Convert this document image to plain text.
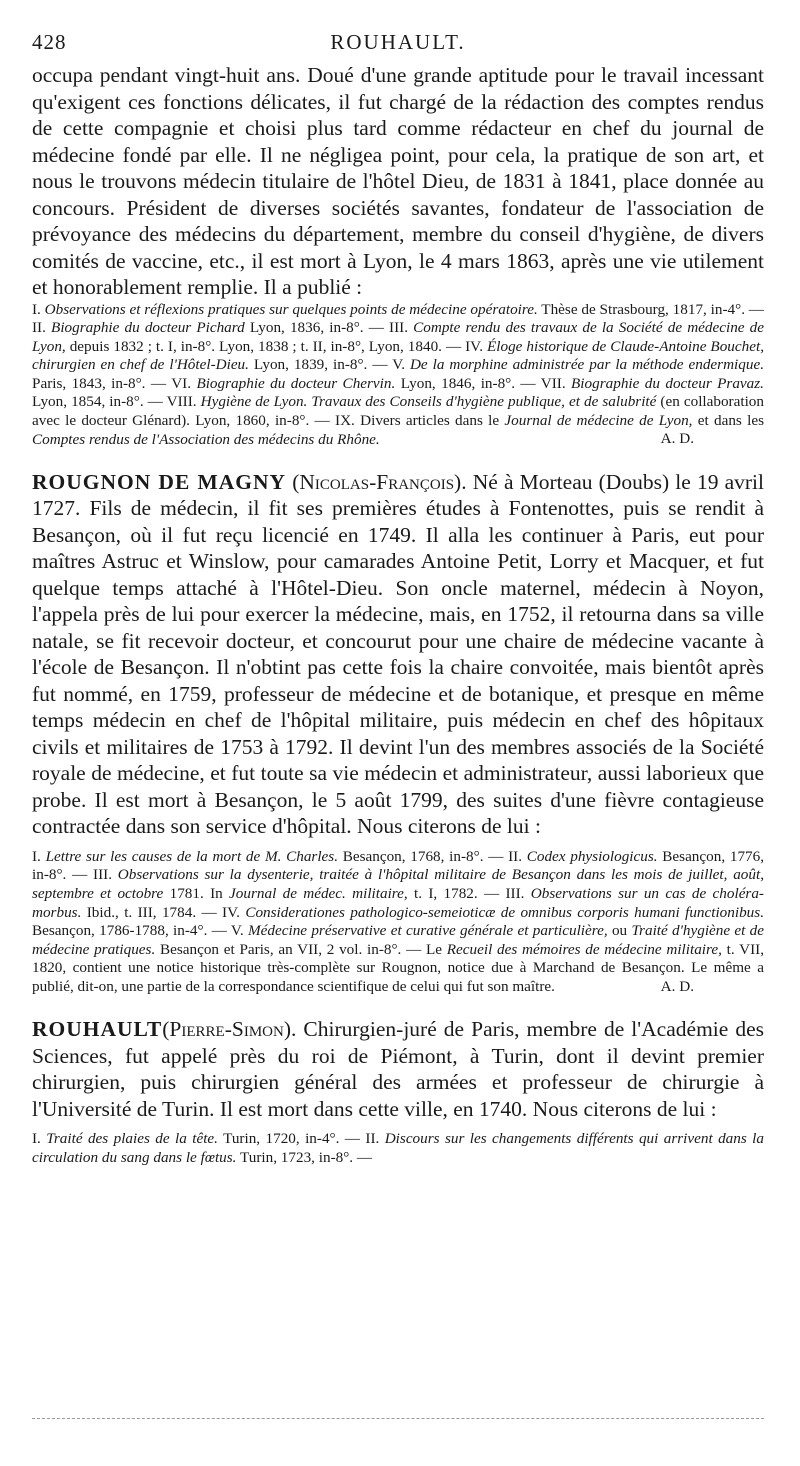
428	ROUHAULT.

occupa pendant vingt-huit ans. Doué d'une grande aptitude pour le travail incessant qu'exigent ces fonctions délicates, il fut chargé de la rédaction des comptes rendus de cette compagnie et choisi plus tard comme rédacteur en chef du journal de médecine fondé par elle. Il ne négligea point, pour cela, la pratique de son art, et nous le trouvons médecin titulaire de l'hôtel Dieu, de 1831 à 1841, place donnée au concours. Président de diverses sociétés savantes, fondateur de l'association de prévoyance des médecins du département, membre du conseil d'hygiène, de divers comités de vaccine, etc., il est mort à Lyon, le 4 mars 1863, après une vie utilement et honorablement remplie. Il a publié :

I. Observations et réflexions pratiques sur quelques points de médecine opératoire. Thèse de Strasbourg, 1817, in-4°. — II. Biographie du docteur Pichard Lyon, 1836, in-8°. — III. Compte rendu des travaux de la Société de médecine de Lyon, depuis 1832 ; t. I, in-8°. Lyon, 1838 ; t. II, in-8°, Lyon, 1840. — IV. Éloge historique de Claude-Antoine Bouchet, chirurgien en chef de l'Hôtel-Dieu. Lyon, 1839, in-8°. — V. De la morphine administrée par la méthode endermique. Paris, 1843, in-8°. — VI. Biographie du docteur Chervin. Lyon, 1846, in-8°. — VII. Biographie du docteur Pravaz. Lyon, 1854, in-8°. — VIII. Hygiène de Lyon. Travaux des Conseils d'hygiène publique, et de salubrité (en collaboration avec le docteur Glénard). Lyon, 1860, in-8°. — IX. Divers articles dans le Journal de médecine de Lyon, et dans les Comptes rendus de l'Association des médecins du Rhône.	A. D.

ROUGNON DE MAGNY (Nicolas-François). Né à Morteau (Doubs) le 19 avril 1727. Fils de médecin, il fit ses premières études à Fontenottes, puis se rendit à Besançon, où il fut reçu licencié en 1749. Il alla les continuer à Paris, eut pour maîtres Astruc et Winslow, pour camarades Antoine Petit, Lorry et Macquer, et fut quelque temps attaché à l'Hôtel-Dieu. Son oncle maternel, médecin à Noyon, l'appela près de lui pour exercer la médecine, mais, en 1752, il retourna dans sa ville natale, se fit recevoir docteur, et concourut pour une chaire de médecine vacante à l'école de Besançon. Il n'obtint pas cette fois la chaire convoitée, mais bientôt après fut nommé, en 1759, professeur de médecine et de botanique, et presque en même temps médecin en chef de l'hôpital militaire, puis médecin en chef des hôpitaux civils et militaires de 1753 à 1792. Il devint l'un des membres associés de la Société royale de médecine, et fut toute sa vie médecin et administrateur, aussi laborieux que probe. Il est mort à Besançon, le 5 août 1799, des suites d'une fièvre contagieuse contractée dans son service d'hôpital. Nous citerons de lui :

I. Lettre sur les causes de la mort de M. Charles. Besançon, 1768, in-8°. — II. Codex physiologicus. Besançon, 1776, in-8°. — III. Observations sur la dysenterie, traitée à l'hôpital militaire de Besançon dans les mois de juillet, août, septembre et octobre 1781. In Journal de médec. militaire, t. I, 1782. — III. Observations sur un cas de choléra-morbus. Ibid., t. III, 1784. — IV. Considerationes pathologico-semeioticæ de omnibus corporis humani functionibus. Besançon, 1786-1788, in-4°. — V. Médecine préservative et curative générale et particulière, ou Traité d'hygiène et de médecine pratiques. Besançon et Paris, an VII, 2 vol. in-8°. — Le Recueil des mémoires de médecine militaire, t. VII, 1820, contient une notice historique très-complète sur Rougnon, notice due à Marchand de Besançon. Le même a publié, dit-on, une partie de la correspondance scientifique de celui qui fut son maître.	A. D.

ROUHAULT(Pierre-Simon). Chirurgien-juré de Paris, membre de l'Académie des Sciences, fut appelé près du roi de Piémont, à Turin, dont il devint premier chirurgien, puis chirurgien général des armées et professeur de chirurgie à l'Université de Turin. Il est mort dans cette ville, en 1740. Nous citerons de lui :

I. Traité des plaies de la tête. Turin, 1720, in-4°. — II. Discours sur les changements différents qui arrivent dans la circulation du sang dans le fœtus. Turin, 1723, in-8°. —
